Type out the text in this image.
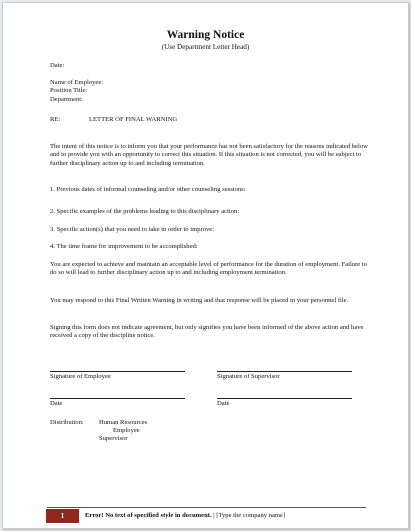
Warning Notice
(Use Department Letter Head)
Date:
Name of Employee:
Position Title:
Department:
RE:	LETTER OF FINAL WARNING
The intent of this notice is to inform you that your performance has not been satisfactory for the reasons indicated below and to provide you with an opportunity to correct this situation. If this situation is not corrected, you will be subject to further disciplinary action up to and including termination.
1. Previous dates of informal counseling and/or other counseling sessions:
2. Specific examples of the problems leading to this disciplinary action:
3. Specific action(s) that you need to take in order to improve:
4. The time frame for improvement to be accomplished:
You are expected to achieve and maintain an acceptable level of performance for the duration of employment. Failure to do so will lead to further disciplinary action up to and including employment termination.
You may respond to this Final Written Warning in writing and that response will be placed in your personnel file.
Signing this form does not indicate agreement, but only signifies you have been informed of the above action and have received a copy of the discipline notice.
Signature of Employee	Signature of Supervisor
Date	Date
Distribution: Human Resources
Employee
Supervisor
1	Error! No text of specified style in document. | [Type the company name]
